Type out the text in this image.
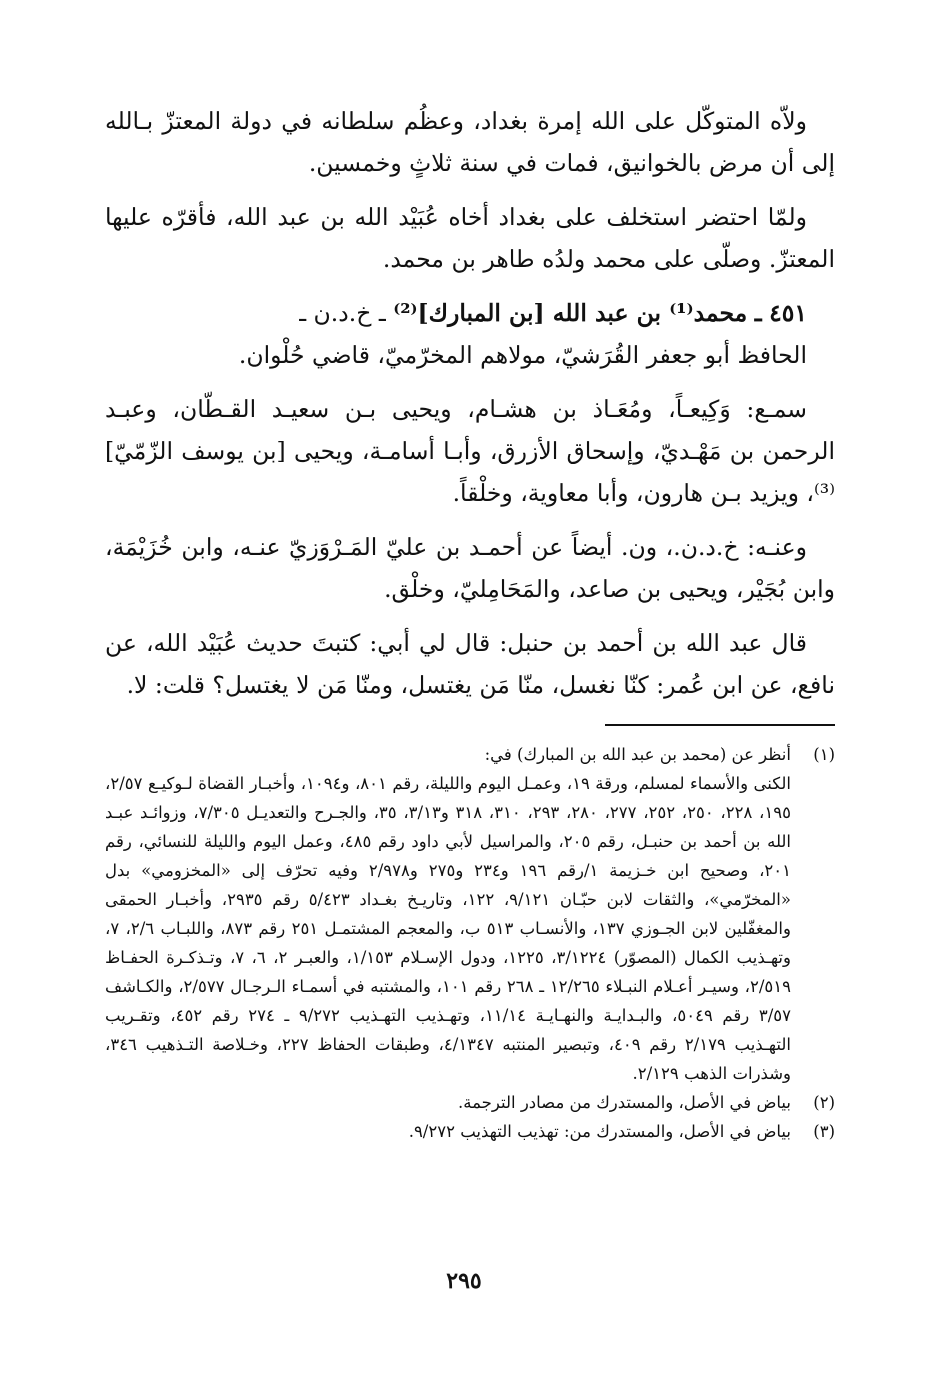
ولاّه المتوكّل على الله إمرة بغداد، وعظُم سلطانه في دولة المعتزّ بـالله إلى أن مرض بالخوانيق، فمات في سنة ثلاثٍ وخمسين.

ولمّا احتضر استخلف على بغداد أخاه عُبَيْد الله بن عبد الله، فأقرّه عليها المعتزّ. وصلّى على محمد ولدُه طاهر بن محمد.

٤٥١ ـ محمد⁽¹⁾ بن عبد الله [بن المبارك]⁽²⁾ ـ خ.د.ن ـ

الحافظ أبو جعفر القُرَشيّ، مولاهم المخرّميّ، قاضي حُلْوان.

سمـع: وَكِيعـاً، ومُعَـاذ بن هشـام، ويحيى بـن سعيـد القـطّان، وعبـد الرحمن بن مَهْـديّ، وإسحاق الأزرق، وأبـا أسامـة، ويحيى [بن يوسف الزّمّيّ]⁽³⁾، ويزيد بـن هارون، وأبا معاوية، وخلْقاً.

وعنـه: خ.د.ن.، ون. أيضاً عن أحمـد بن عليّ المَـرْوَزيّ عنـه، وابن خُزَيْمَة، وابن بُجَيْر، ويحيى بن صاعد، والمَحَامِليّ، وخلْق.

قال عبد الله بن أحمد بن حنبل: قال لي أبي: كتبتَ حديث عُبَيْد الله، عن نافع، عن ابن عُمر: كنّا نغسل، منّا مَن يغتسل، ومنّا مَن لا يغتسل؟ قلت: لا.

(١)
أنظر عن (محمد بن عبد الله بن المبارك) في:
الكنى والأسماء لمسلم، ورقة ١٩، وعمـل اليوم والليلة، رقم ٨٠١، و١٠٩٤، وأخبـار القضاة لـوكيـع ٢/٥٧، ١٩٥، ٢٢٨، ٢٥٠، ٢٥٢، ٢٧٧، ٢٨٠، ٢٩٣، ٣١٠، ٣١٨ و٣/١٣، ٣٥، والجـرح والتعديـل ٧/٣٠٥، وزوائـد عبـد الله بن أحمد بن حنبـل، رقم ٢٠٥، والمراسيل لأبي داود رقم ٤٨٥، وعمل اليوم والليلة للنسائي، رقم ٢٠١، وصحيح ابن خـزيمة ١/رقم ١٩٦ و٢٣٤ و٢٧٥ و٢/٩٧٨ وفيه تحرّف إلى «المخزومي» بدل «المخرّمي»، والثقات لابن حبّـان ٩/١٢١، ١٢٢، وتاريـخ بغـداد ٥/٤٢٣ رقم ٢٩٣٥، وأخبـار الحمقى والمغفّلين لابن الجـوزي ١٣٧، والأنسـاب ٥١٣ ب، والمعجم المشتمـل ٢٥١ رقم ٨٧٣، واللبـاب ٢/٦، ٧، وتهـذيب الكمال (المصوّر) ٣/١٢٢٤، ١٢٢٥، ودول الإسـلام ١/١٥٣، والعبـر ٢، ٦، ٧، وتـذكـرة الحفـاظ ٢/٥١٩، وسيـر أعـلام النبـلاء ١٢/٢٦٥ ـ ٢٦٨ رقم ١٠١، والمشتبه في أسمـاء الـرجـال ٢/٥٧٧، والكـاشف ٣/٥٧ رقم ٥٠٤٩، والبـدايـة والنهـايـة ١١/١٤، وتهـذيب التهـذيب ٩/٢٧٢ ـ ٢٧٤ رقم ٤٥٢، وتقـريب التهـذيب ٢/١٧٩ رقم ٤٠٩، وتبصير المنتبه ٤/١٣٤٧، وطبقات الحفاظ ٢٢٧، وخـلاصة التـذهيب ٣٤٦، وشذرات الذهب ٢/١٢٩.
(٢)
بياض في الأصل، والمستدرك من مصادر الترجمة.
(٣)
بياض في الأصل، والمستدرك من: تهذيب التهذيب ٩/٢٧٢.
٢٩٥
